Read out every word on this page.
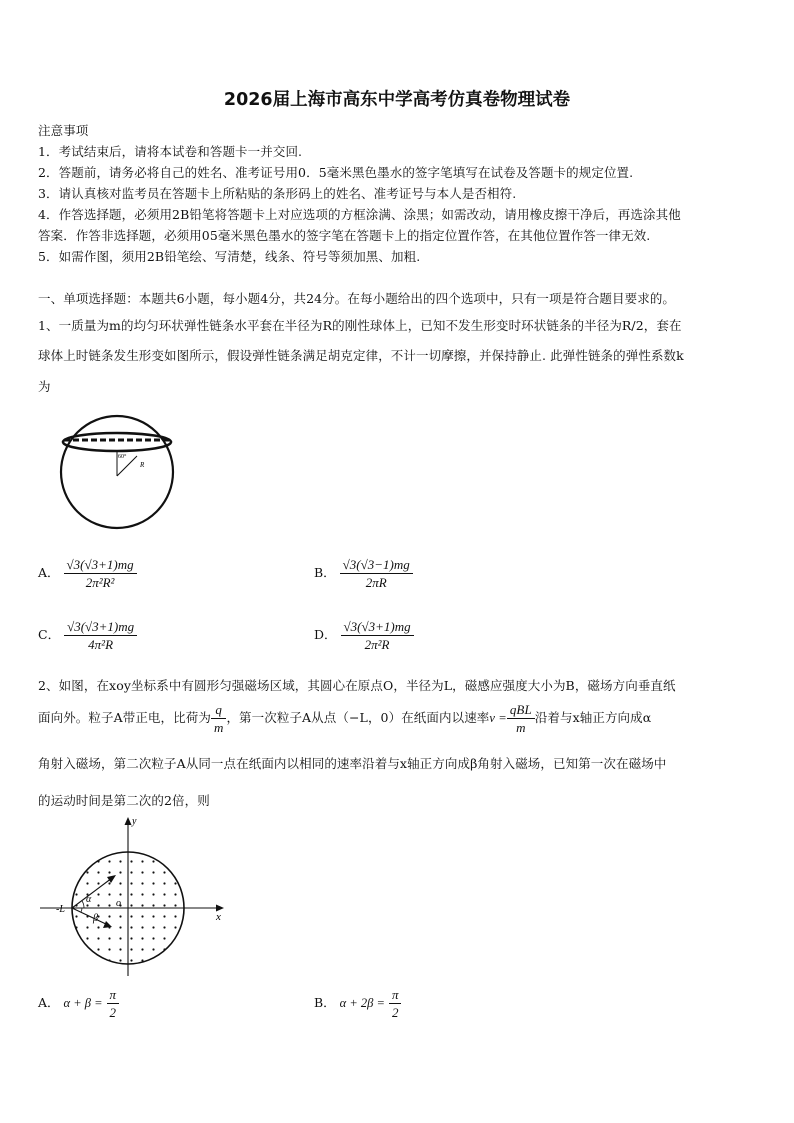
2026届上海市高东中学高考仿真卷物理试卷
注意事项
1．考试结束后，请将本试卷和答题卡一并交回.
2．答题前，请务必将自己的姓名、准考证号用0．5毫米黑色墨水的签字笔填写在试卷及答题卡的规定位置.
3．请认真核对监考员在答题卡上所粘贴的条形码上的姓名、准考证号与本人是否相符.
4．作答选择题，必须用2B铅笔将答题卡上对应选项的方框涂满、涂黑；如需改动，请用橡皮擦干净后，再选涂其他
答案．作答非选择题，必须用05毫米黑色墨水的签字笔在答题卡上的指定位置作答，在其他位置作答一律无效.
5．如需作图，须用2B铅笔绘、写清楚，线条、符号等须加黑、加粗.
一、单项选择题：本题共6小题，每小题4分，共24分。在每小题给出的四个选项中，只有一项是符合题目要求的。
1、一质量为m的均匀环状弹性链条水平套在半径为R的刚性球体上，已知不发生形变时环状链条的半径为R/2，套在
球体上时链条发生形变如图所示，假设弹性链条满足胡克定律，不计一切摩擦，并保持静止. 此弹性链条的弹性系数k
为
60°
R
A． $\frac{√3(√3+1)mg}{\text{2π²R²}}$	B． $\frac{√3(√3-1)mg}{2\pi R}$
C． $\frac{√3(√3+1)mg}{\text{4π²R}}$	D． $\frac{√3(√3+1)mg}{\text{2π²R}}$
2、如图，在xoy坐标系中有圆形匀强磁场区域，其圆心在原点O，半径为L，磁感应强度大小为B，磁场方向垂直纸
面向外。粒子A带正电，比荷为 $\frac{q}{m}$ ，第一次粒子A从点（−L，0）在纸面内以速率$v = \frac{\text{qBL}}{m}$ 沿着与x轴正方向成α
角射入磁场，第二次粒子A从同一点在纸面内以相同的速率沿着与x轴正方向成β角射入磁场，已知第一次在磁场中
的运动时间是第二次的2倍，则
x
y
o
-L
α
β
A． $\alpha + \beta = \frac{\pi}{2}$	B． $\alpha + 2\beta = \frac{\pi}{2}$
